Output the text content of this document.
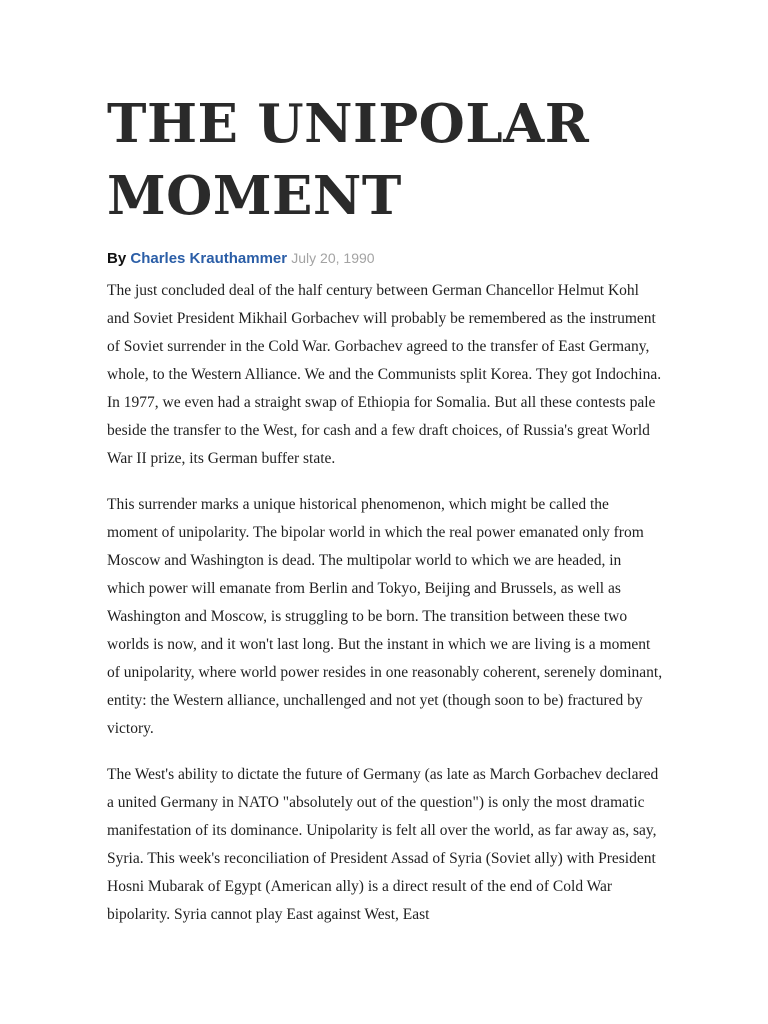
THE UNIPOLAR MOMENT
By Charles Krauthammer July 20, 1990

The just concluded deal of the half century between German Chancellor Helmut Kohl and Soviet President Mikhail Gorbachev will probably be remembered as the instrument of Soviet surrender in the Cold War. Gorbachev agreed to the transfer of East Germany, whole, to the Western Alliance. We and the Communists split Korea. They got Indochina. In 1977, we even had a straight swap of Ethiopia for Somalia. But all these contests pale beside the transfer to the West, for cash and a few draft choices, of Russia's great World War II prize, its German buffer state.

This surrender marks a unique historical phenomenon, which might be called the moment of unipolarity. The bipolar world in which the real power emanated only from Moscow and Washington is dead. The multipolar world to which we are headed, in which power will emanate from Berlin and Tokyo, Beijing and Brussels, as well as Washington and Moscow, is struggling to be born. The transition between these two worlds is now, and it won't last long. But the instant in which we are living is a moment of unipolarity, where world power resides in one reasonably coherent, serenely dominant, entity: the Western alliance, unchallenged and not yet (though soon to be) fractured by victory.

The West's ability to dictate the future of Germany (as late as March Gorbachev declared a united Germany in NATO "absolutely out of the question") is only the most dramatic manifestation of its dominance. Unipolarity is felt all over the world, as far away as, say, Syria. This week's reconciliation of President Assad of Syria (Soviet ally) with President Hosni Mubarak of Egypt (American ally) is a direct result of the end of Cold War bipolarity. Syria cannot play East against West, East
